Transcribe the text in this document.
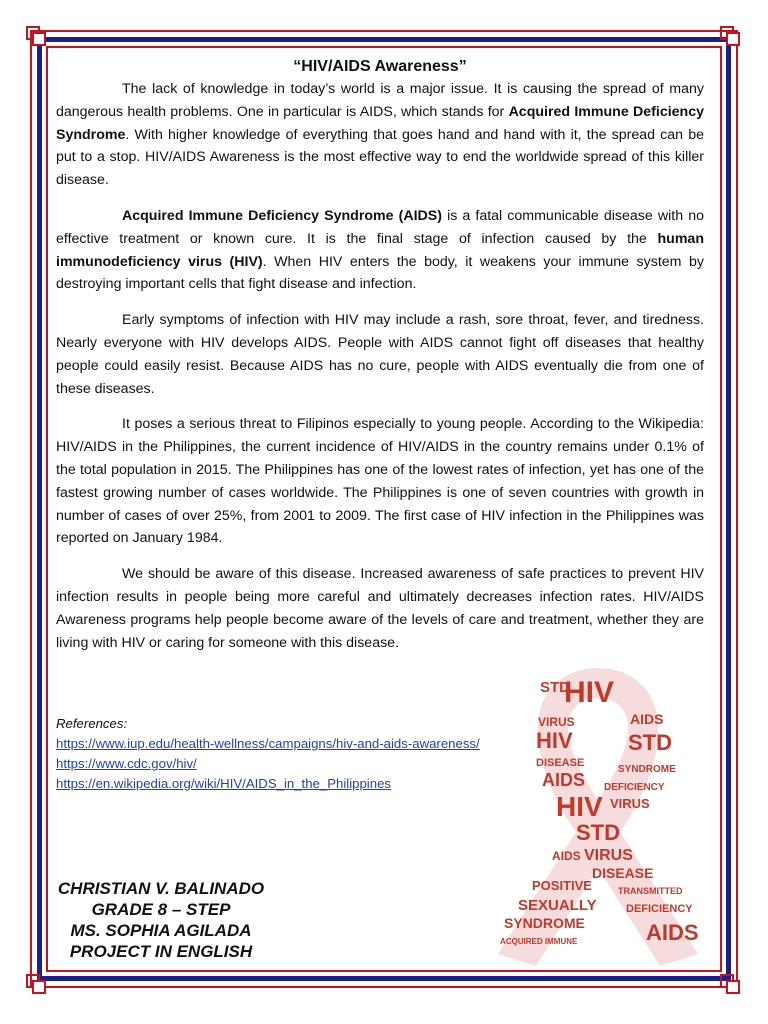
“HIV/AIDS Awareness”

The lack of knowledge in today’s world is a major issue. It is causing the spread of many dangerous health problems. One in particular is AIDS, which stands for Acquired Immune Deficiency Syndrome. With higher knowledge of everything that goes hand and hand with it, the spread can be put to a stop. HIV/AIDS Awareness is the most effective way to end the worldwide spread of this killer disease.

Acquired Immune Deficiency Syndrome (AIDS) is a fatal communicable disease with no effective treatment or known cure. It is the final stage of infection caused by the human immunodeficiency virus (HIV). When HIV enters the body, it weakens your immune system by destroying important cells that fight disease and infection.

Early symptoms of infection with HIV may include a rash, sore throat, fever, and tiredness. Nearly everyone with HIV develops AIDS. People with AIDS cannot fight off diseases that healthy people could easily resist. Because AIDS has no cure, people with AIDS eventually die from one of these diseases.

It poses a serious threat to Filipinos especially to young people. According to the Wikipedia: HIV/AIDS in the Philippines, the current incidence of HIV/AIDS in the country remains under 0.1% of the total population in 2015. The Philippines has one of the lowest rates of infection, yet has one of the fastest growing number of cases worldwide. The Philippines is one of seven countries with growth in number of cases of over 25%, from 2001 to 2009. The first case of HIV infection in the Philippines was reported on January 1984.

We should be aware of this disease. Increased awareness of safe practices to prevent HIV infection results in people being more careful and ultimately decreases infection rates. HIV/AIDS Awareness programs help people become aware of the levels of care and treatment, whether they are living with HIV or caring for someone with this disease.

References:
https://www.iup.edu/health-wellness/campaigns/hiv-and-aids-awareness/
https://www.cdc.gov/hiv/
https://en.wikipedia.org/wiki/HIV/AIDS_in_the_Philippines
CHRISTIAN V. BALINADO
GRADE 8 – STEP
MS. SOPHIA AGILADA
PROJECT IN ENGLISH
HIV
STD
VIRUS	AIDS
HIV	STD
DISEASE
SYNDROME
AIDS DEFICIENCY
HIV VIRUS
STD
VIRUS
AIDS
DISEASE
POSITIVE	TRANSMITTED
SEXUALLY	DEFICIENCY
SYNDROME
ACQUIRED IMMUNE	AIDS
